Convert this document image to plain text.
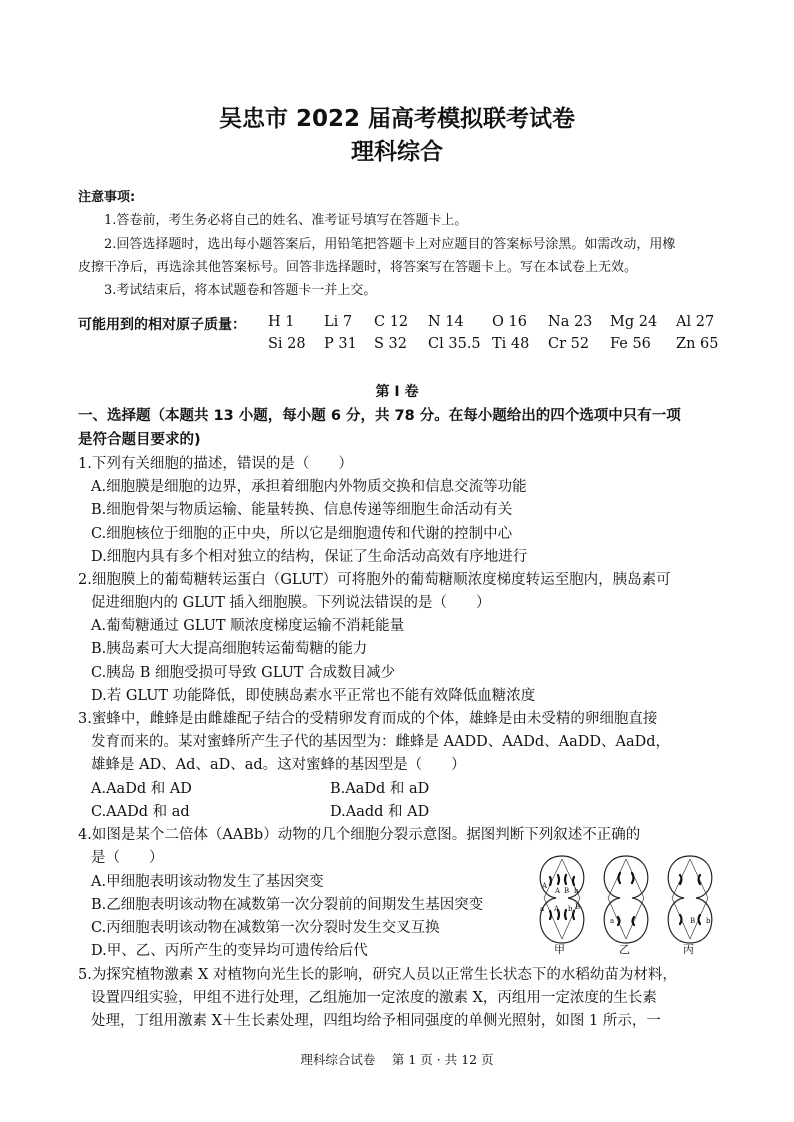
吴忠市 2022 届高考模拟联考试卷
理科综合
注意事项:
1.答卷前，考生务必将自己的姓名、准考证号填写在答题卡上。
2.回答选择题时，选出每小题答案后，用铅笔把答题卡上对应题目的答案标号涂黑。如需改动，用橡
皮擦干净后，再选涂其他答案标号。回答非选择题时，将答案写在答题卡上。写在本试卷上无效。
3.考试结束后，将本试题卷和答题卡一并上交。
可能用到的相对原子质量： H 1 Li 7 C 12 N 14 O 16 Na 23 Mg 24 Al 27
Si 28 P 31 S 32 Cl 35.5 Ti 48 Cr 52 Fe 56 Zn 65
第 I 卷
一、选择题（本题共 13 小题，每小题 6 分，共 78 分。在每小题给出的四个选项中只有一项
是符合题目要求的)
1.下列有关细胞的描述，错误的是（　　）
A.细胞膜是细胞的边界，承担着细胞内外物质交换和信息交流等功能
B.细胞骨架与物质运输、能量转换、信息传递等细胞生命活动有关
C.细胞核位于细胞的正中央，所以它是细胞遗传和代谢的控制中心
D.细胞内具有多个相对独立的结构，保证了生命活动高效有序地进行
2.细胞膜上的葡萄糖转运蛋白（GLUT）可将胞外的葡萄糖顺浓度梯度转运至胞内，胰岛素可
促进细胞内的 GLUT 插入细胞膜。下列说法错误的是（　　）
A.葡萄糖通过 GLUT 顺浓度梯度运输不消耗能量
B.胰岛素可大大提高细胞转运葡萄糖的能力
C.胰岛 B 细胞受损可导致 GLUT 合成数目减少
D.若 GLUT 功能降低，即使胰岛素水平正常也不能有效降低血糖浓度
3.蜜蜂中，雌蜂是由雌雄配子结合的受精卵发育而成的个体，雄蜂是由未受精的卵细胞直接
发育而来的。某对蜜蜂所产生子代的基因型为：雌蜂是 AADD、AADd、AaDD、AaDd，
雄蜂是 AD、Ad、aD、ad。这对蜜蜂的基因型是（　　）
A.AaDd 和 AD	B.AaDd 和 aD
C.AADd 和 ad	D.Aadd 和 AD
4.如图是某个二倍体（AABb）动物的几个细胞分裂示意图。据图判断下列叙述不正确的
是（　　）
A.甲细胞表明该动物发生了基因突变
B.乙细胞表明该动物在减数第一次分裂前的间期发生基因突变
C.丙细胞表明该动物在减数第一次分裂时发生交叉互换
D.甲、乙、丙所产生的变异均可遗传给后代
A
A B b
a A b B
a	B b
甲	乙	丙
5.为探究植物激素 X 对植物向光生长的影响，研究人员以正常生长状态下的水稻幼苗为材料，
设置四组实验，甲组不进行处理，乙组施加一定浓度的激素 X，丙组用一定浓度的生长素
处理，丁组用激素 X＋生长素处理，四组均给予相同强度的单侧光照射，如图 1 所示，一
理科综合试卷　 第 1 页 · 共 12 页
